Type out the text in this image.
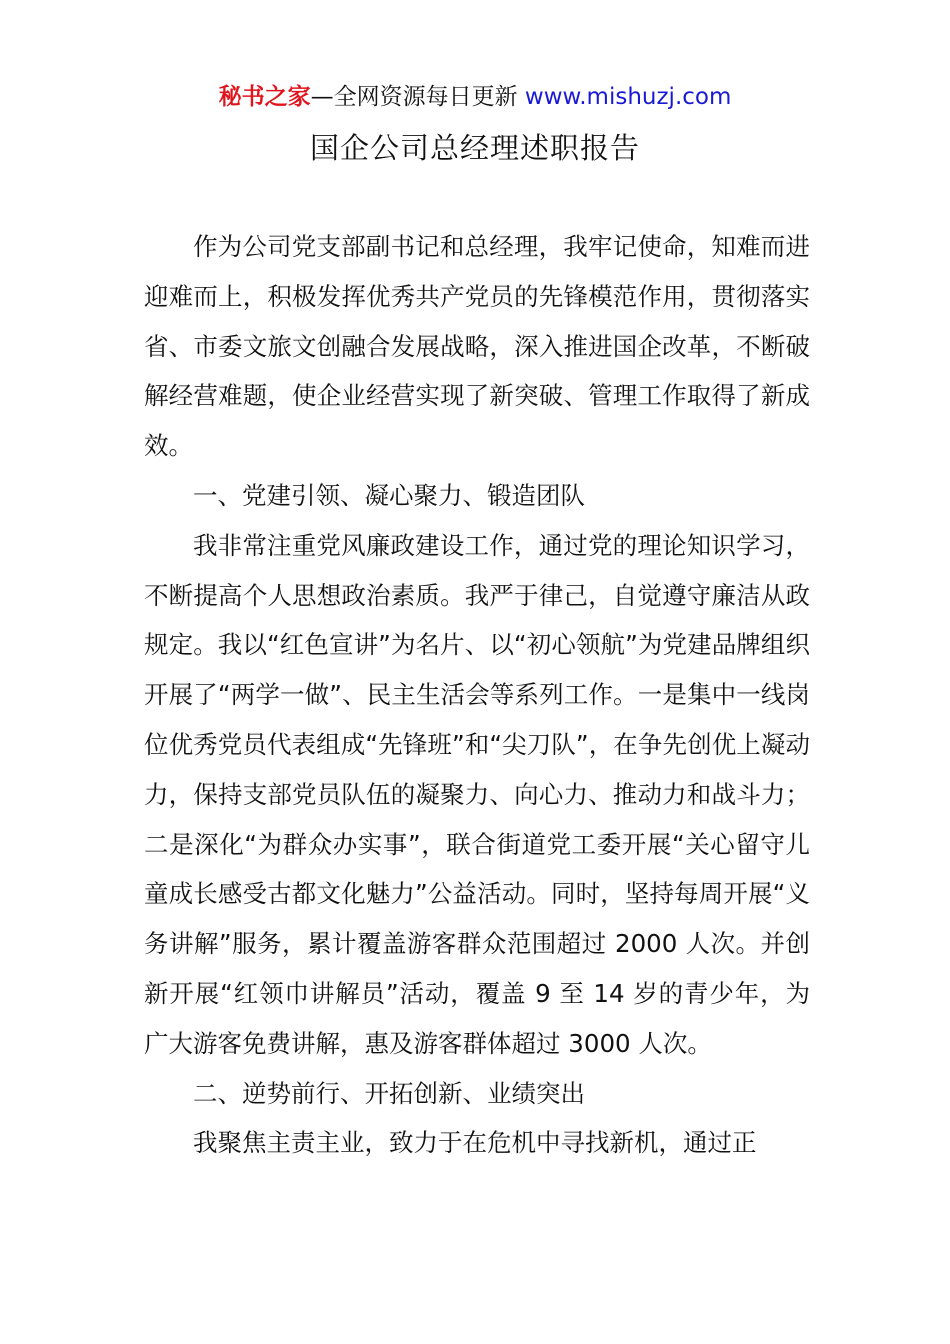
秘书之家—全网资源每日更新 www.mishuzj.com
国企公司总经理述职报告

作为公司党支部副书记和总经理，我牢记使命，知难而进迎难而上，积极发挥优秀共产党员的先锋模范作用，贯彻落实省、市委文旅文创融合发展战略，深入推进国企改革，不断破解经营难题，使企业经营实现了新突破、管理工作取得了新成效。

一、党建引领、凝心聚力、锻造团队

我非常注重党风廉政建设工作，通过党的理论知识学习，不断提高个人思想政治素质。我严于律己，自觉遵守廉洁从政规定。我以“红色宣讲”为名片、以“初心领航”为党建品牌组织开展了“两学一做”、民主生活会等系列工作。一是集中一线岗位优秀党员代表组成“先锋班”和“尖刀队”，在争先创优上凝动力，保持支部党员队伍的凝聚力、向心力、推动力和战斗力；二是深化“为群众办实事”，联合街道党工委开展“关心留守儿童成长感受古都文化魅力”公益活动。同时，坚持每周开展“义务讲解”服务，累计覆盖游客群众范围超过 2000 人次。并创新开展“红领巾讲解员”活动，覆盖 9 至 14 岁的青少年，为广大游客免费讲解，惠及游客群体超过 3000 人次。

二、逆势前行、开拓创新、业绩突出

我聚焦主责主业，致力于在危机中寻找新机，通过正
